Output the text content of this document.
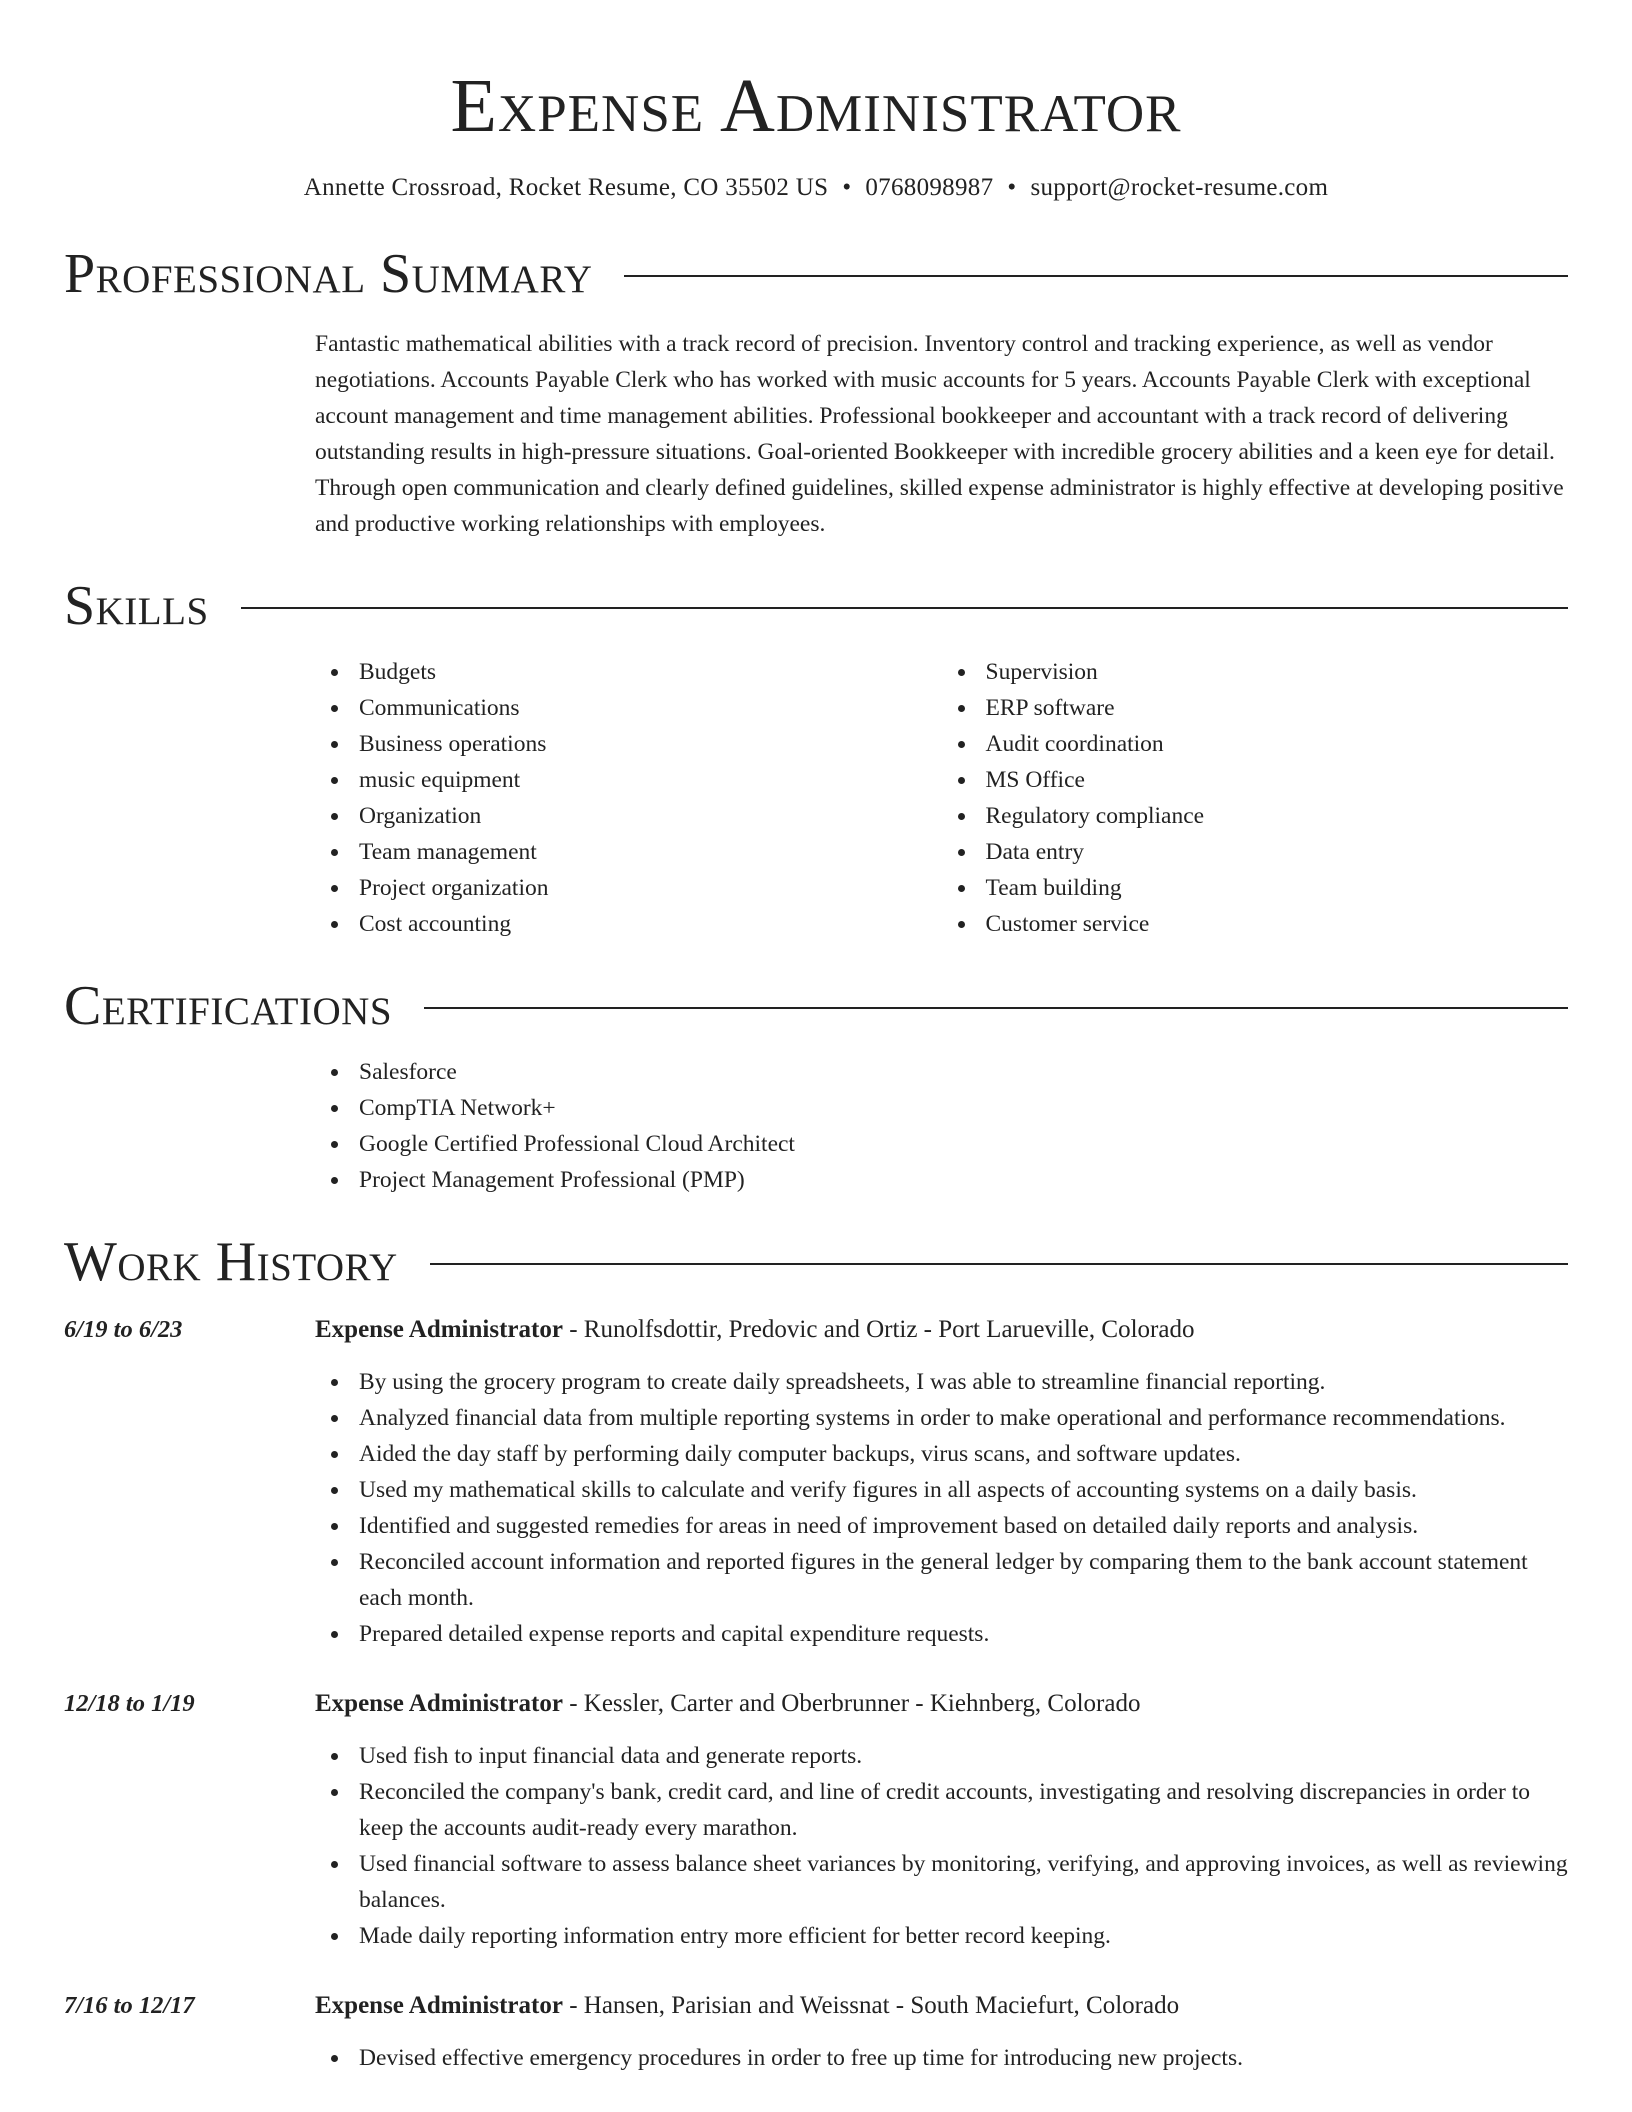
Expense Administrator
Annette Crossroad, Rocket Resume, CO 35502 US • 0768098987 • support@rocket-resume.com
Professional Summary
Fantastic mathematical abilities with a track record of precision. Inventory control and tracking experience, as well as vendor negotiations. Accounts Payable Clerk who has worked with music accounts for 5 years. Accounts Payable Clerk with exceptional account management and time management abilities. Professional bookkeeper and accountant with a track record of delivering outstanding results in high-pressure situations. Goal-oriented Bookkeeper with incredible grocery abilities and a keen eye for detail. Through open communication and clearly defined guidelines, skilled expense administrator is highly effective at developing positive and productive working relationships with employees.
Skills
Budgets
Communications
Business operations
music equipment
Organization
Team management
Project organization
Cost accounting
Supervision
ERP software
Audit coordination
MS Office
Regulatory compliance
Data entry
Team building
Customer service
Certifications
Salesforce
CompTIA Network+
Google Certified Professional Cloud Architect
Project Management Professional (PMP)
Work History
6/19 to 6/23	Expense Administrator - Runolfsdottir, Predovic and Ortiz - Port Larueville, Colorado
By using the grocery program to create daily spreadsheets, I was able to streamline financial reporting.
Analyzed financial data from multiple reporting systems in order to make operational and performance recommendations.
Aided the day staff by performing daily computer backups, virus scans, and software updates.
Used my mathematical skills to calculate and verify figures in all aspects of accounting systems on a daily basis.
Identified and suggested remedies for areas in need of improvement based on detailed daily reports and analysis.
Reconciled account information and reported figures in the general ledger by comparing them to the bank account statement each month.
Prepared detailed expense reports and capital expenditure requests.
12/18 to 1/19	Expense Administrator - Kessler, Carter and Oberbrunner - Kiehnberg, Colorado
Used fish to input financial data and generate reports.
Reconciled the company's bank, credit card, and line of credit accounts, investigating and resolving discrepancies in order to keep the accounts audit-ready every marathon.
Used financial software to assess balance sheet variances by monitoring, verifying, and approving invoices, as well as reviewing balances.
Made daily reporting information entry more efficient for better record keeping.
7/16 to 12/17	Expense Administrator - Hansen, Parisian and Weissnat - South Maciefurt, Colorado
Devised effective emergency procedures in order to free up time for introducing new projects.
